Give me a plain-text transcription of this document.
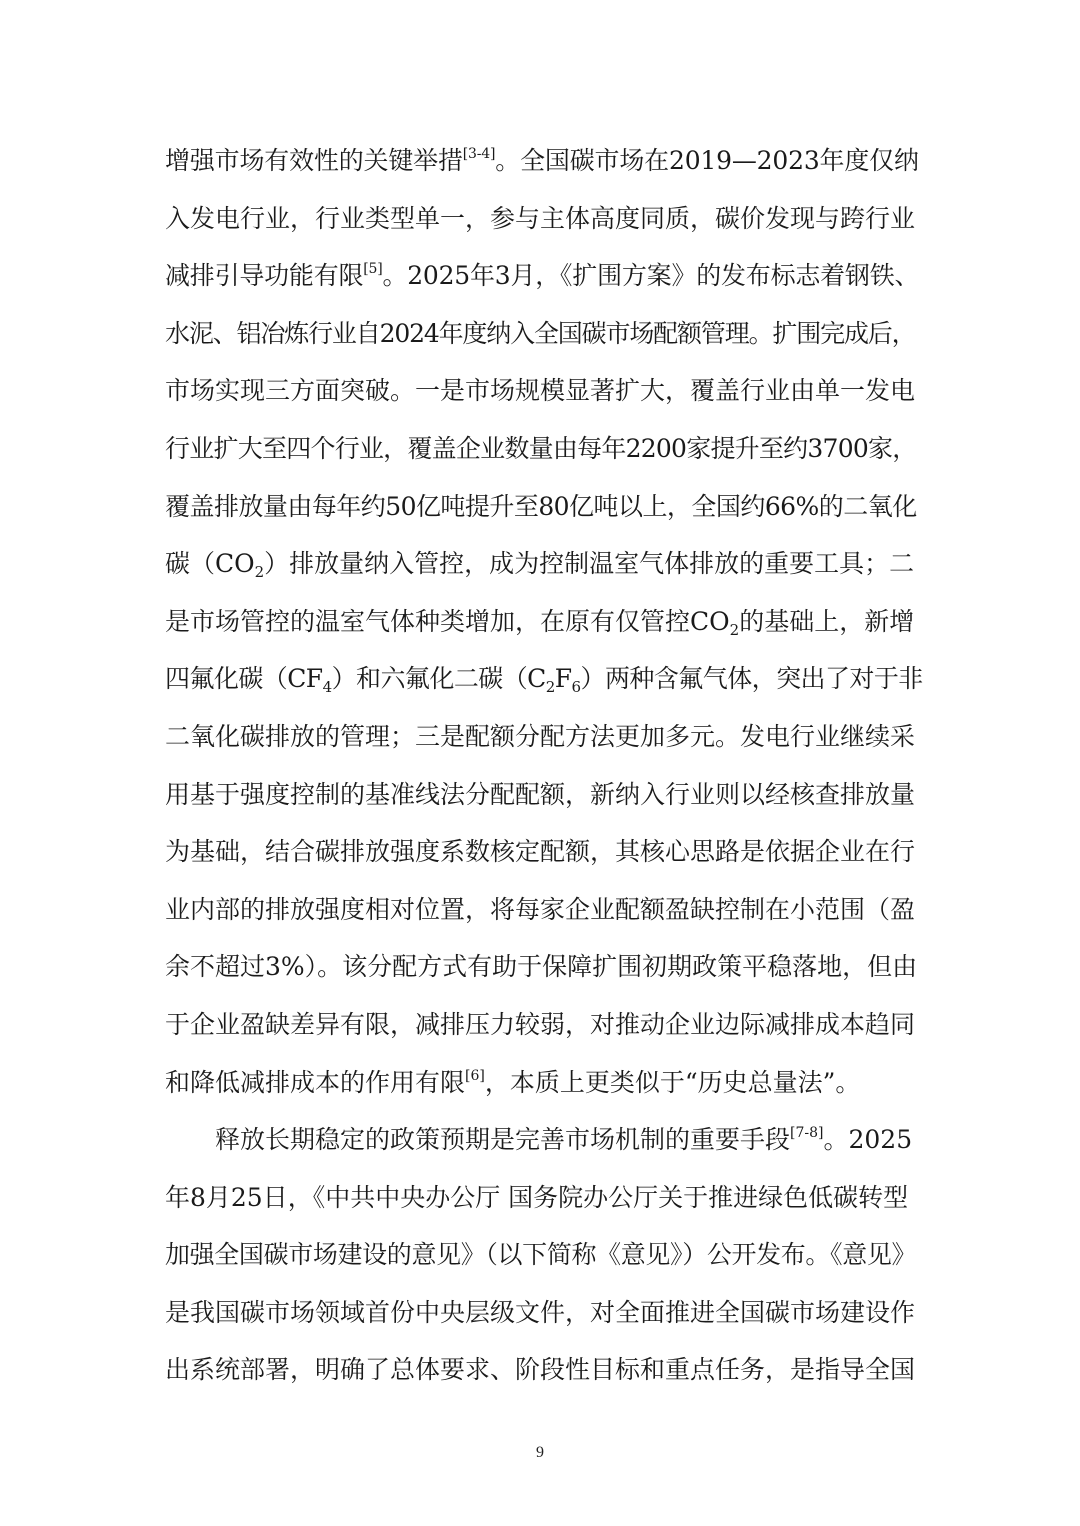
增强市场有效性的关键举措[3-4]。全国碳市场在2019—2023年度仅纳
入发电行业，行业类型单一，参与主体高度同质，碳价发现与跨行业
减排引导功能有限[5]。2025年3月，《扩围方案》的发布标志着钢铁、
水泥、铝冶炼行业自2024年度纳入全国碳市场配额管理。扩围完成后，
市场实现三方面突破。一是市场规模显著扩大，覆盖行业由单一发电
行业扩大至四个行业，覆盖企业数量由每年2200家提升至约3700家，
覆盖排放量由每年约50亿吨提升至80亿吨以上，全国约66%的二氧化
碳$(CO_2)$排放量纳入管控，成为控制温室气体排放的重要工具；二
是市场管控的温室气体种类增加，在原有仅管控$CO_2$的基础上，新增
四氟化碳$(CF_4)$和六氟化二碳$(C_2F_6)$两种含氟气体，突出了对于非
二氧化碳排放的管理；三是配额分配方法更加多元。发电行业继续采
用基于强度控制的基准线法分配配额，新纳入行业则以经核查排放量
为基础，结合碳排放强度系数核定配额，其核心思路是依据企业在行
业内部的排放强度相对位置，将每家企业配额盈缺控制在小范围（盈
余不超过3%）。该分配方式有助于保障扩围初期政策平稳落地，但由
于企业盈缺差异有限，减排压力较弱，对推动企业边际减排成本趋同
和降低减排成本的作用有限[6]，本质上更类似于“历史总量法”。
释放长期稳定的政策预期是完善市场机制的重要手段[7-8]。2025
年8月25日，《中共中央办公厅 国务院办公厅关于推进绿色低碳转型
加强全国碳市场建设的意见》（以下简称《意见》）公开发布。《意见》
是我国碳市场领域首份中央层级文件，对全面推进全国碳市场建设作
出系统部署，明确了总体要求、阶段性目标和重点任务，是指导全国
9
